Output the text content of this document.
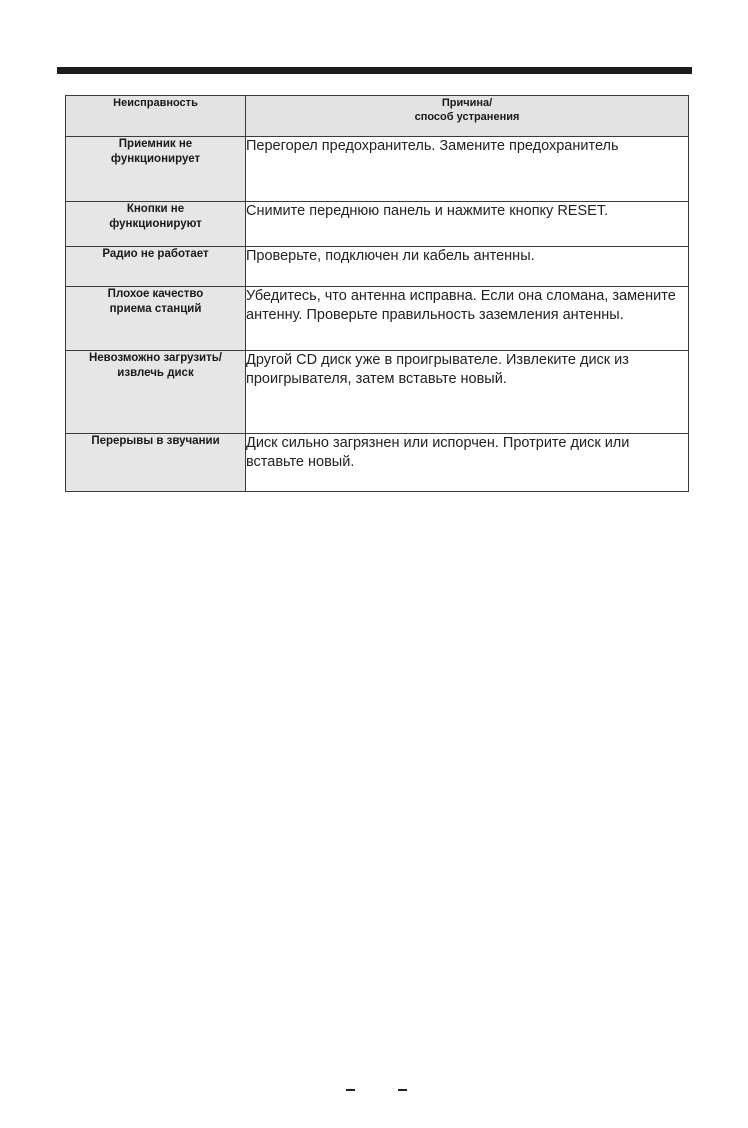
Неисправность	Причина/
способ устранения

Приемник не
функционирует	Перегорел предохранитель. Замените предохранитель

Кнопки не
функционируют	Снимите переднюю панель и нажмите кнопку RESET.

Радио не работает	Проверьте, подключен ли кабель антенны.

Плохое качество
приема станций	Убедитесь, что антенна исправна. Если она сломана, замените антенну. Проверьте правильность заземления антенны.

Невозможно загрузить/
извлечь диск	Другой CD диск уже в проигрывателе. Извлеките диск из проигрывателя, затем вставьте новый.

Перерывы в звучании	Диск сильно загрязнен или испорчен. Протрите диск или вставьте новый.
